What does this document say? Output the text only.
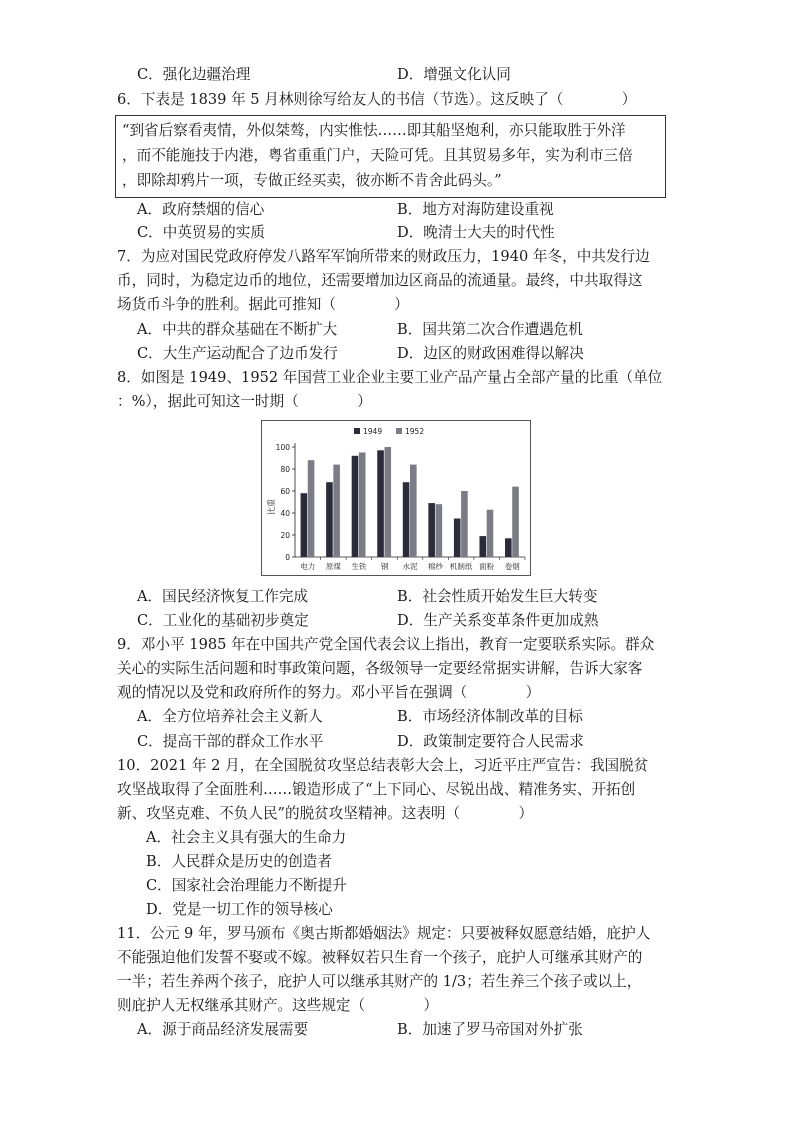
C．强化边疆治理	D．增强文化认同
6．下表是 1839 年 5 月林则徐写给友人的书信（节选）。这反映了（　　　　）
“到省后察看夷情，外似桀骜，内实惟怯……即其船坚炮利，亦只能取胜于外洋
，而不能施技于内港，粤省重重门户，天险可凭。且其贸易多年，实为利市三倍
，即除却鸦片一项，专做正经买卖，彼亦断不肯舍此码头。”
A．政府禁烟的信心	B．地方对海防建设重视
C．中英贸易的实质	D．晚清士大夫的时代性
7．为应对国民党政府停发八路军军饷所带来的财政压力，1940 年冬，中共发行边
币，同时，为稳定边币的地位，还需要增加边区商品的流通量。最终，中共取得这
场货币斗争的胜利。据此可推知（　　　　）
A．中共的群众基础在不断扩大	B．国共第二次合作遭遇危机
C．大生产运动配合了边币发行	D．边区的财政困难得以解决
8．如图是 1949、1952 年国营工业企业主要工业产品产量占全部产量的比重（单位
：%），据此可知这一时期（　　　　）
比重
0
20
40
60
80
100
电力 原煤 生铁 钢 水泥 棉纱 机制纸 面粉 卷烟
1949	1952
A．国民经济恢复工作完成	B．社会性质开始发生巨大转变
C．工业化的基础初步奠定	D．生产关系变革条件更加成熟
9．邓小平 1985 年在中国共产党全国代表会议上指出，教育一定要联系实际。群众
关心的实际生活问题和时事政策问题，各级领导一定要经常据实讲解，告诉大家客
观的情况以及党和政府所作的努力。邓小平旨在强调（　　　　）
A．全方位培养社会主义新人	B．市场经济体制改革的目标
C．提高干部的群众工作水平	D．政策制定要符合人民需求
10．2021 年 2 月，在全国脱贫攻坚总结表彰大会上，习近平庄严宣告：我国脱贫
攻坚战取得了全面胜利……锻造形成了“上下同心、尽锐出战、精准务实、开拓创
新、攻坚克难、不负人民”的脱贫攻坚精神。这表明（　　　　）
A．社会主义具有强大的生命力
B．人民群众是历史的创造者
C．国家社会治理能力不断提升
D．党是一切工作的领导核心
11．公元 9 年，罗马颁布《奥古斯都婚姻法》规定：只要被释奴愿意结婚，庇护人
不能强迫他们发誓不娶或不嫁。被释奴若只生育一个孩子，庇护人可继承其财产的
一半；若生养两个孩子，庇护人可以继承其财产的 1/3；若生养三个孩子或以上，
则庇护人无权继承其财产。这些规定（　　　　）
A．源于商品经济发展需要	B．加速了罗马帝国对外扩张
